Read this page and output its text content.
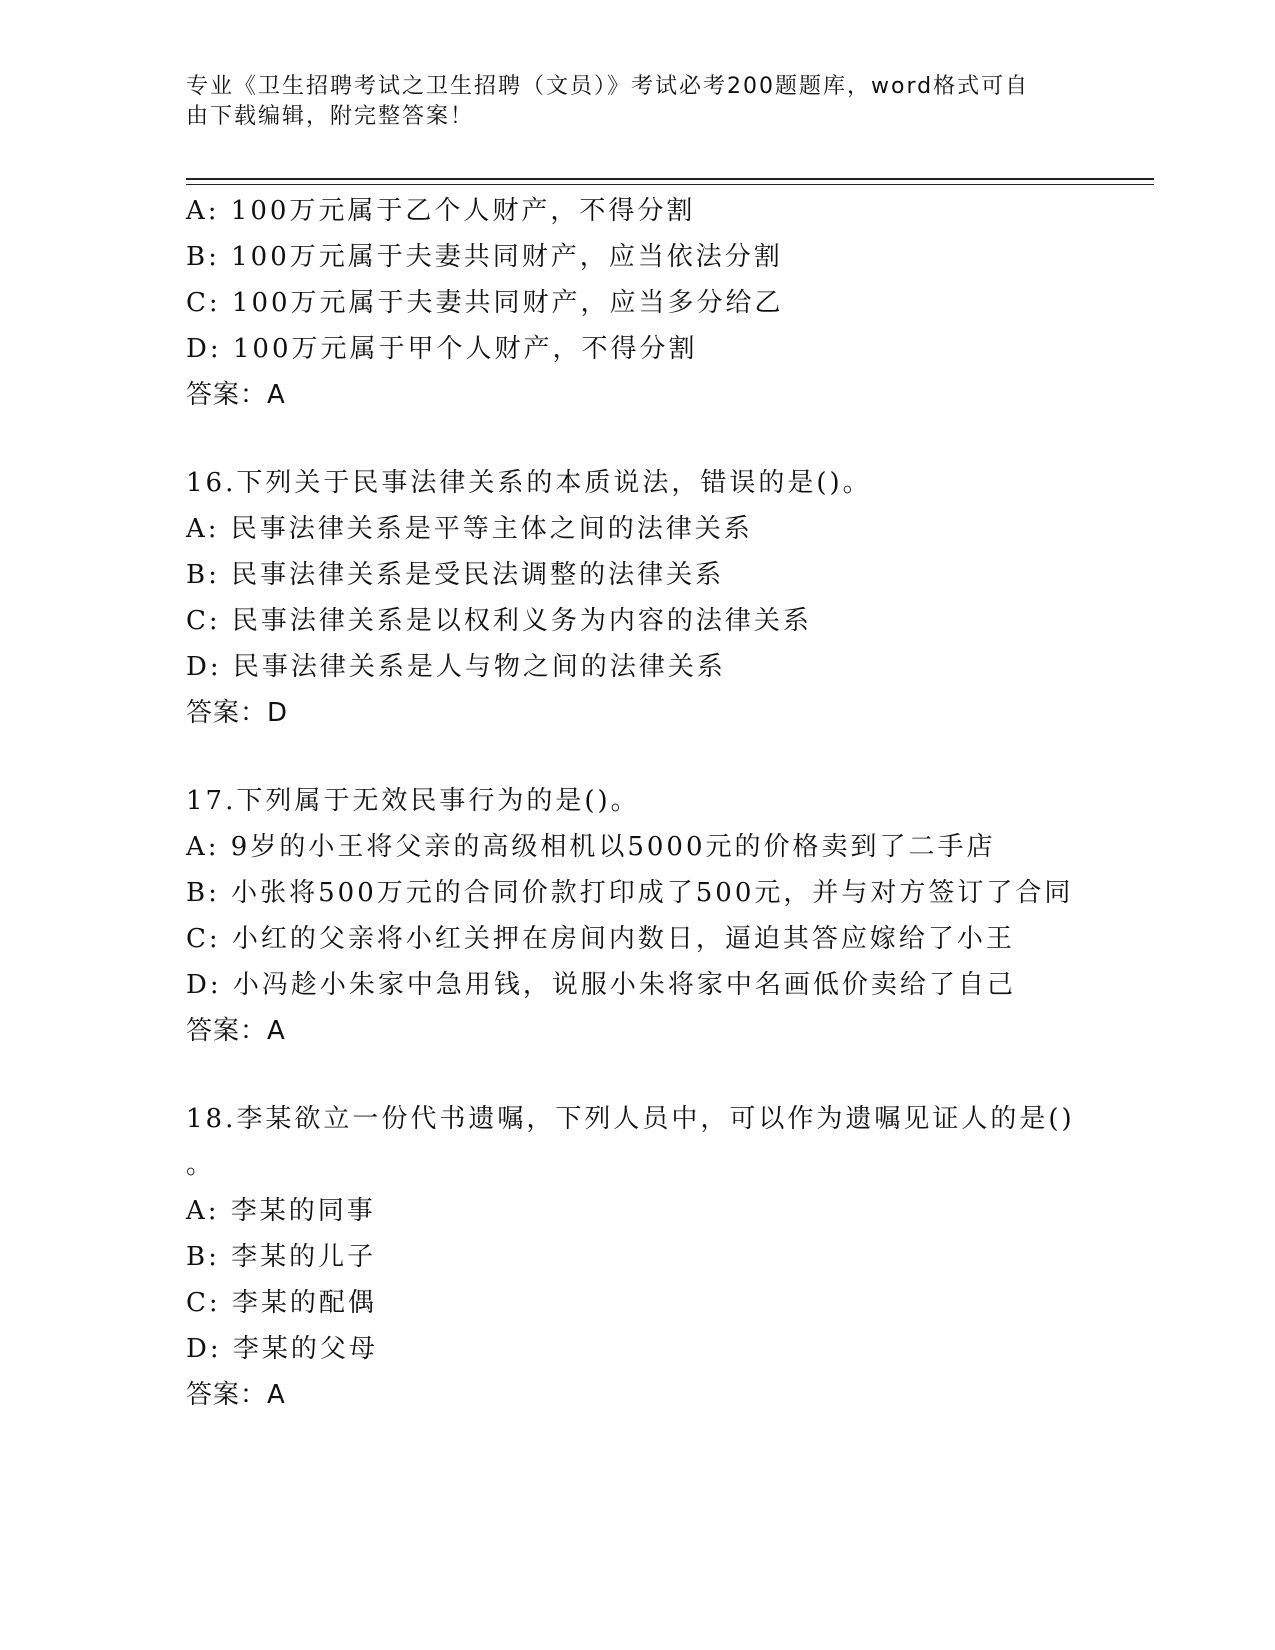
专业《卫生招聘考试之卫生招聘（文员）》考试必考200题题库，word格式可自
由下载编辑，附完整答案！
A: 100万元属于乙个人财产，不得分割
B: 100万元属于夫妻共同财产，应当依法分割
C: 100万元属于夫妻共同财产，应当多分给乙
D: 100万元属于甲个人财产，不得分割
答案：A
16.下列关于民事法律关系的本质说法，错误的是()。
A: 民事法律关系是平等主体之间的法律关系
B: 民事法律关系是受民法调整的法律关系
C: 民事法律关系是以权利义务为内容的法律关系
D: 民事法律关系是人与物之间的法律关系
答案：D
17.下列属于无效民事行为的是()。
A: 9岁的小王将父亲的高级相机以5000元的价格卖到了二手店
B: 小张将500万元的合同价款打印成了500元，并与对方签订了合同
C: 小红的父亲将小红关押在房间内数日，逼迫其答应嫁给了小王
D: 小冯趁小朱家中急用钱，说服小朱将家中名画低价卖给了自己
答案：A
18.李某欲立一份代书遗嘱，下列人员中，可以作为遗嘱见证人的是()
。
A: 李某的同事
B: 李某的儿子
C: 李某的配偶
D: 李某的父母
答案：A
